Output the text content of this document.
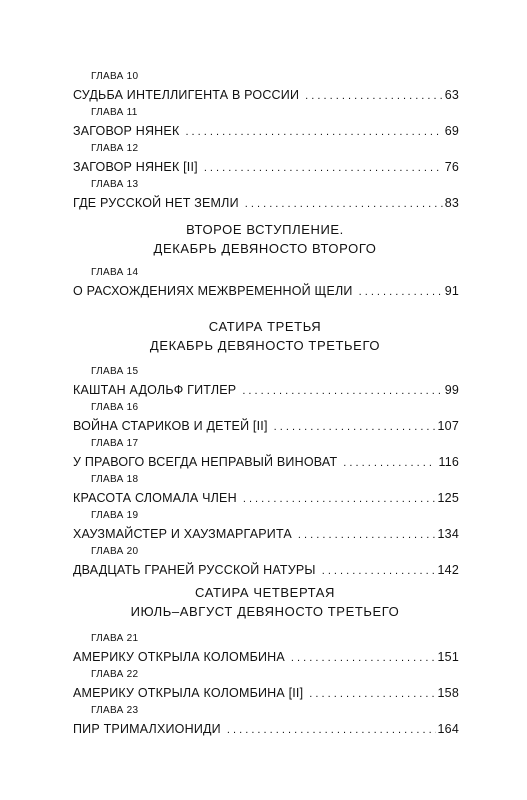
ГЛАВА 10
СУДЬБА ИНТЕЛЛИГЕНТА В РОССИИ . . .	63
ГЛАВА 11
ЗАГОВОР НЯНЕК . . .	69
ГЛАВА 12
ЗАГОВОР НЯНЕК [II] . . .	76
ГЛАВА 13
ГДЕ РУССКОЙ НЕТ ЗЕМЛИ . . .	83
ВТОРОЕ ВСТУПЛЕНИЕ.
ДЕКАБРЬ ДЕВЯНОСТО ВТОРОГО
ГЛАВА 14
О РАСХОЖДЕНИЯХ МЕЖВРЕМЕННОЙ ЩЕЛИ . . .	91
САТИРА ТРЕТЬЯ
ДЕКАБРЬ ДЕВЯНОСТО ТРЕТЬЕГО
ГЛАВА 15
КАШТАН АДОЛЬФ ГИТЛЕР . . .	99
ГЛАВА 16
ВОЙНА СТАРИКОВ И ДЕТЕЙ [II] . . .	107
ГЛАВА 17
У ПРАВОГО ВСЕГДА НЕПРАВЫЙ ВИНОВАТ . . .	116
ГЛАВА 18
КРАСОТА СЛОМАЛА ЧЛЕН . . .	125
ГЛАВА 19
ХАУЗМАЙСТЕР И ХАУЗМАРГАРИТА . . .	134
ГЛАВА 20
ДВАДЦАТЬ ГРАНЕЙ РУССКОЙ НАТУРЫ . . .	142
САТИРА ЧЕТВЕРТАЯ
ИЮЛЬ–АВГУСТ ДЕВЯНОСТО ТРЕТЬЕГО
ГЛАВА 21
АМЕРИКУ ОТКРЫЛА КОЛОМБИНА . . .	151
ГЛАВА 22
АМЕРИКУ ОТКРЫЛА КОЛОМБИНА [II] . . .	158
ГЛАВА 23
ПИР ТРИМАЛХИОНИДИ . . .	164
